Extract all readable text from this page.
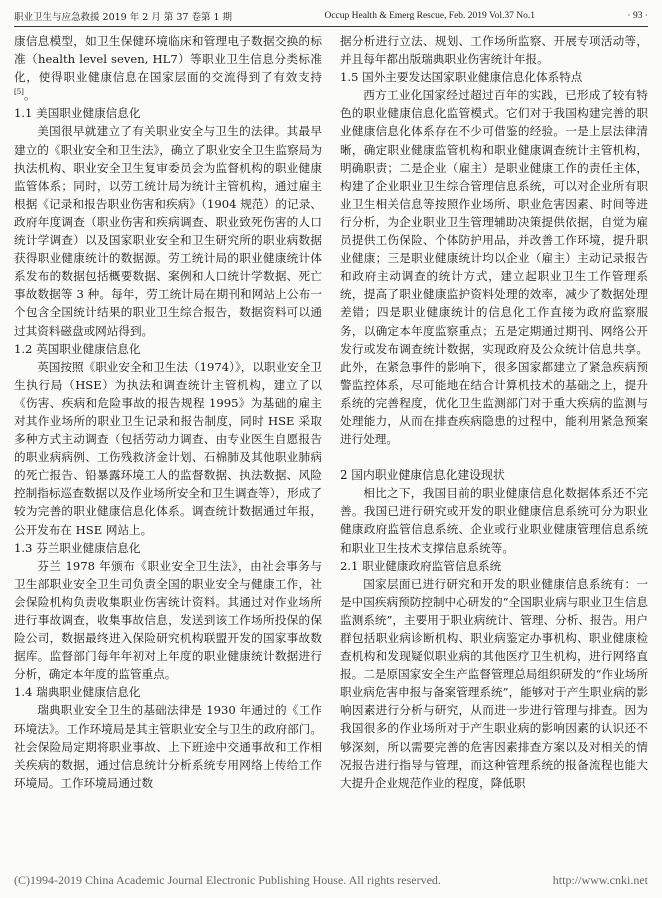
职业卫生与应急救援 2019 年 2 月 第 37 卷第 1 期	Occup Health & Emerg Rescue, Feb. 2019 Vol.37 No.1	· 93 ·

康信息模型，如卫生保健环境临床和管理电子数据交换的标准（health level seven, HL7）等职业卫生信息分类标准化，使得职业健康信息在国家层面的交流得到了有效支持[5]。

1.1 美国职业健康信息化

美国很早就建立了有关职业安全与卫生的法律。其最早建立的《职业安全和卫生法》，确立了职业安全卫生监察局为执法机构、职业安全卫生复审委员会为监督机构的职业健康监管体系；同时，以劳工统计局为统计主管机构，通过雇主根据《记录和报告职业伤害和疾病》（1904 规范）的记录、政府年度调查（职业伤害和疾病调查、职业致死伤害的人口统计学调查）以及国家职业安全和卫生研究所的职业病数据获得职业健康统计的数据源。劳工统计局的职业健康统计体系发布的数据包括概要数据、案例和人口统计学数据、死亡事故数据等 3 种。每年，劳工统计局在期刊和网站上公布一个包含全国统计结果的职业卫生综合报告，数据资料可以通过其资料磁盘或网站得到。

1.2 英国职业健康信息化

英国按照《职业安全和卫生法（1974）》，以职业安全卫生执行局（HSE）为执法和调查统计主管机构，建立了以《伤害、疾病和危险事故的报告规程 1995》为基础的雇主对其作业场所的职业卫生记录和报告制度，同时 HSE 采取多种方式主动调查（包括劳动力调查、由专业医生自愿报告的职业病病例、工伤残救济金计划、石棉肺及其他职业肺病的死亡报告、铅暴露环境工人的监督数据、执法数据、风险控制指标巡查数据以及作业场所安全和卫生调查等），形成了较为完善的职业健康信息化体系。调查统计数据通过年报，公开发布在 HSE 网站上。

1.3 芬兰职业健康信息化

芬兰 1978 年颁布《职业安全卫生法》，由社会事务与卫生部职业安全卫生司负责全国的职业安全与健康工作，社会保险机构负责收集职业伤害统计资料。其通过对作业场所进行事故调查，收集事故信息，发送到该工作场所投保的保险公司，数据最终进入保险研究机构联盟开发的国家事故数据库。监督部门每年年初对上年度的职业健康统计数据进行分析，确定本年度的监管重点。

1.4 瑞典职业健康信息化

瑞典职业安全卫生的基础法律是 1930 年通过的《工作环境法》。工作环境局是其主管职业安全与卫生的政府部门。社会保险局定期将职业事故、上下班途中交通事故和工作相关疾病的数据，通过信息统计分析系统专用网络上传给工作环境局。工作环境局通过数

据分析进行立法、规划、工作场所监察、开展专项活动等，并且每年都出版瑞典职业伤害统计年报。

1.5 国外主要发达国家职业健康信息化体系特点

西方工业化国家经过超过百年的实践，已形成了较有特色的职业健康信息化监管模式。它们对于我国构建完善的职业健康信息化体系存在不少可借鉴的经验。一是上层法律清晰，确定职业健康监管机构和职业健康调查统计主管机构，明确职责；二是企业（雇主）是职业健康工作的责任主体，构建了企业职业卫生综合管理信息系统，可以对企业所有职业卫生相关信息等按照作业场所、职业危害因素、时间等进行分析，为企业职业卫生管理辅助决策提供依据，自觉为雇员提供工伤保险、个体防护用品，并改善工作环境，提升职业健康；三是职业健康统计均以企业（雇主）主动记录报告和政府主动调查的统计方式，建立起职业卫生工作管理系统，提高了职业健康监护资料处理的效率，减少了数据处理差错；四是职业健康统计的信息化工作直接为政府监察服务，以确定本年度监察重点；五是定期通过期刊、网络公开发行或发布调查统计数据，实现政府及公众统计信息共享。此外，在紧急事件的影响下，很多国家都建立了紧急疾病预警监控体系，尽可能地在结合计算机技术的基础之上，提升系统的完善程度，优化卫生监测部门对于重大疾病的监测与处理能力，从而在排查疾病隐患的过程中，能利用紧急预案进行处理。

2 国内职业健康信息化建设现状

相比之下，我国目前的职业健康信息化数据体系还不完善。我国已进行研究或开发的职业健康信息系统可分为职业健康政府监管信息系统、企业或行业职业健康管理信息系统和职业卫生技术支撑信息系统等。

2.1 职业健康政府监管信息系统

国家层面已进行研究和开发的职业健康信息系统有：一是中国疾病预防控制中心研发的“全国职业病与职业卫生信息监测系统”，主要用于职业病统计、管理、分析、报告。用户群包括职业病诊断机构、职业病鉴定办事机构、职业健康检查机构和发现疑似职业病的其他医疗卫生机构，进行网络直报。二是原国家安全生产监督管理总局组织研发的“作业场所职业病危害申报与备案管理系统”，能够对于产生职业病的影响因素进行分析与研究，从而进一步进行管理与排查。因为我国很多的作业场所对于产生职业病的影响因素的认识还不够深刻，所以需要完善的危害因素排查方案以及对相关的情况报告进行指导与管理，而这种管理系统的报备流程也能大大提升企业规范作业的程度，降低职

(C)1994-2019 China Academic Journal Electronic Publishing House. All rights reserved.	http://www.cnki.net
